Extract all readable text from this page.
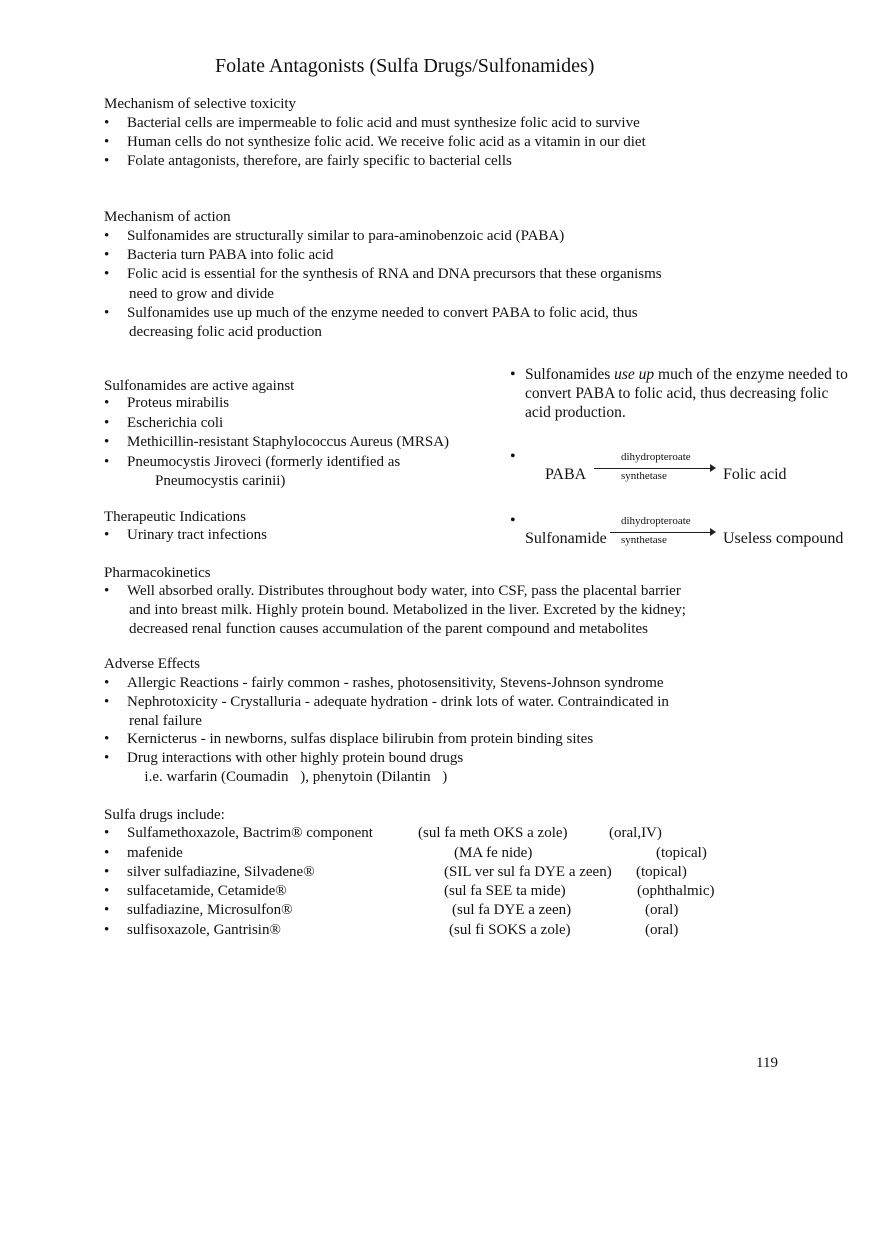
Folate Antagonists (Sulfa Drugs/Sulfonamides)
Mechanism of selective toxicity
• Bacterial cells are impermeable to folic acid and must synthesize folic acid to survive
• Human cells do not synthesize folic acid. We receive folic acid as a vitamin in our diet
• Folate antagonists, therefore, are fairly specific to bacterial cells
Mechanism of action
• Sulfonamides are structurally similar to para-aminobenzoic acid (PABA)
• Bacteria turn PABA into folic acid
• Folic acid is essential for the synthesis of RNA and DNA precursors that these organisms
need to grow and divide
• Sulfonamides use up much of the enzyme needed to convert PABA to folic acid, thus
decreasing folic acid production
Sulfonamides are active against
• Proteus mirabilis
• Escherichia coli
• Methicillin-resistant Staphylococcus Aureus (MRSA)
• Pneumocystis Jiroveci (formerly identified as
Pneumocystis carinii)
• Sulfonamides use up much of the enzyme needed to
convert PABA to folic acid, thus decreasing folic
acid production.
•	dihydropteroate
PABA	synthetase	Folic acid
•	dihydropteroate
Sulfonamide synthetase	Useless compound
Therapeutic Indications
• Urinary tract infections
Pharmacokinetics
• Well absorbed orally. Distributes throughout body water, into CSF, pass the placental barrier
and into breast milk. Highly protein bound. Metabolized in the liver. Excreted by the kidney;
decreased renal function causes accumulation of the parent compound and metabolites
Adverse Effects
• Allergic Reactions - fairly common - rashes, photosensitivity, Stevens-Johnson syndrome
• Nephrotoxicity - Crystalluria - adequate hydration - drink lots of water. Contraindicated in
renal failure
• Kernicterus - in newborns, sulfas displace bilirubin from protein binding sites
• Drug interactions with other highly protein bound drugs
i.e. warfarin (Coumadin ), phenytoin (Dilantin )
Sulfa drugs include:
• Sulfamethoxazole, Bactrim® component	(sul fa meth OKS a zole)	(oral,IV)
• mafenide	(MA fe nide)	(topical)
• silver sulfadiazine, Silvadene®	(SIL ver sul fa DYE a zeen) (topical)
• sulfacetamide, Cetamide®	(sul fa SEE ta mide)	(ophthalmic)
• sulfadiazine, Microsulfon®	(sul fa DYE a zeen)	(oral)
• sulfisoxazole, Gantrisin®	(sul fi SOKS a zole)	(oral)
119
